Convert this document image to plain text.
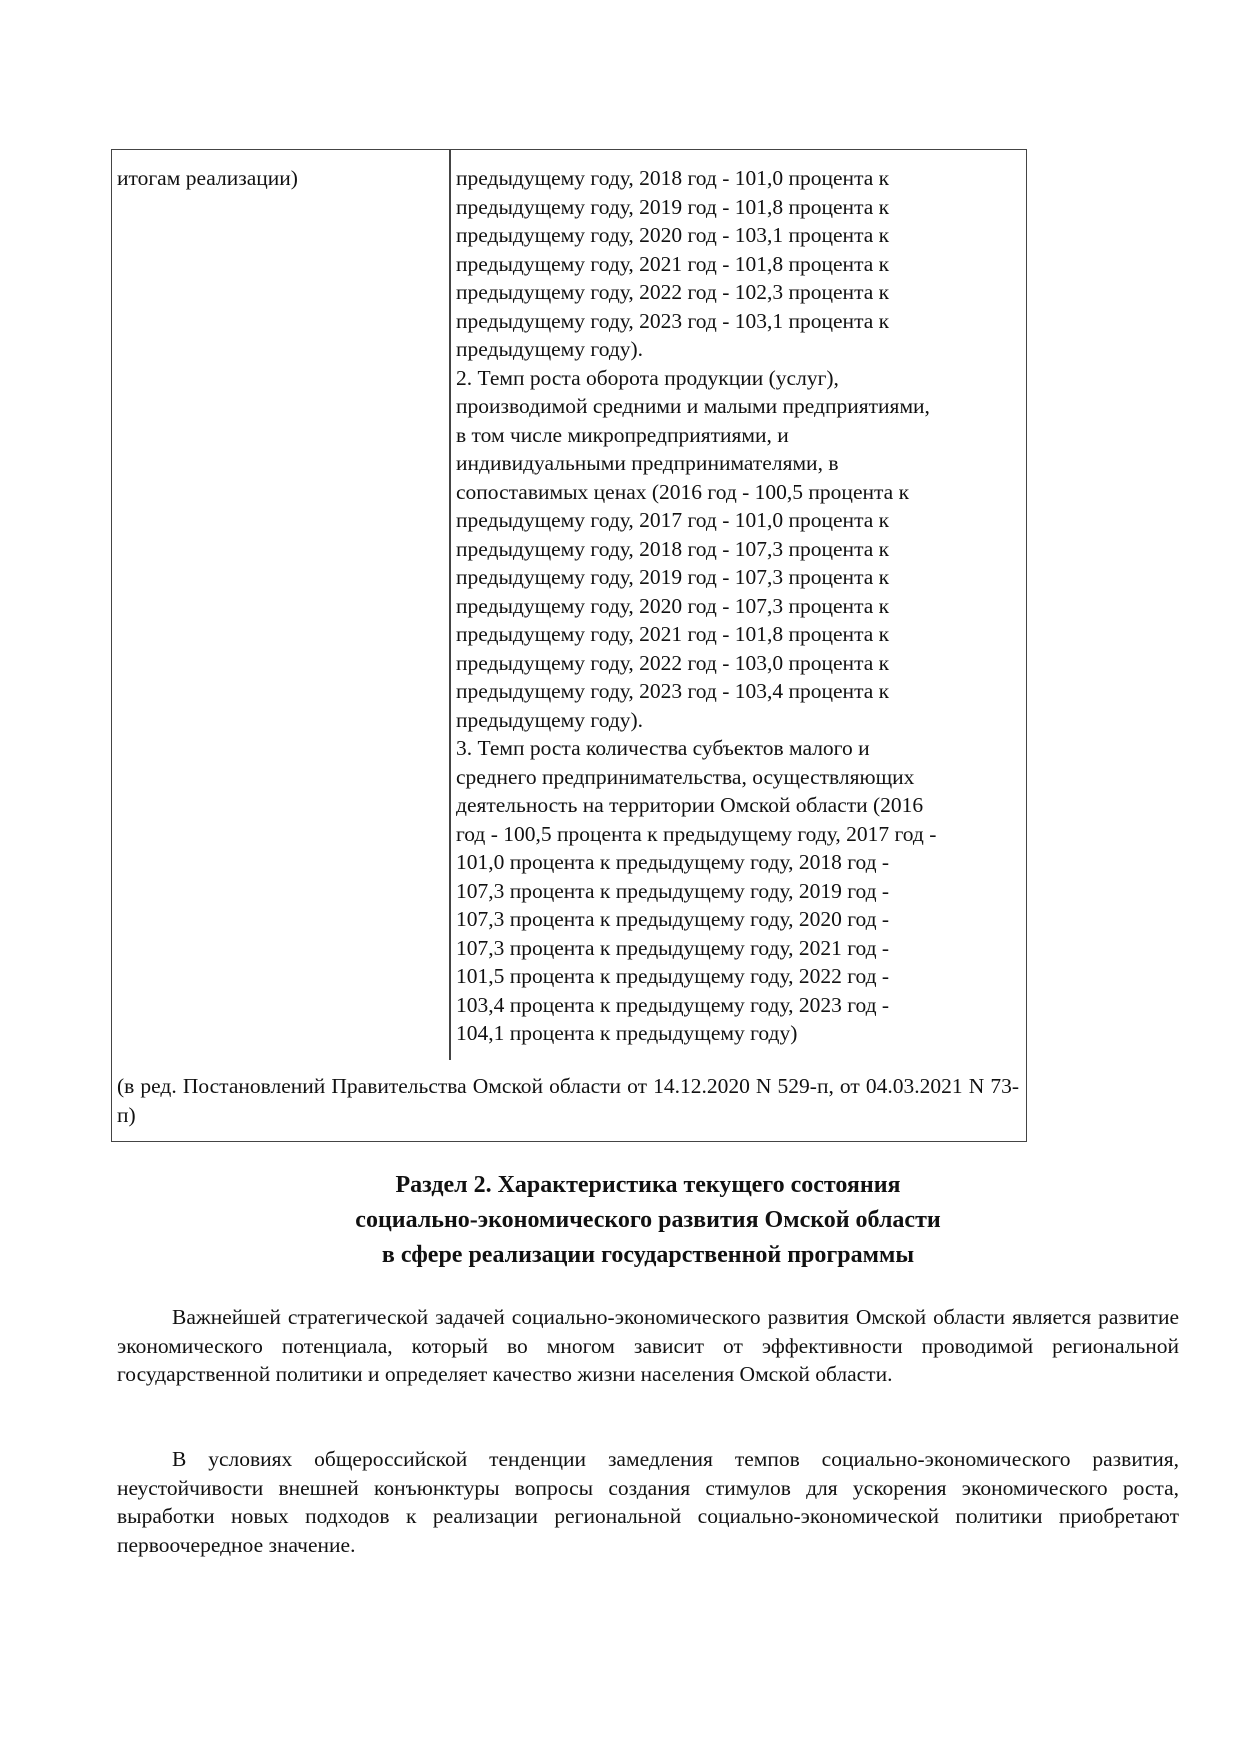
итогам реализации)	предыдущему году, 2018 год - 101,0 процента к
предыдущему году, 2019 год - 101,8 процента к
предыдущему году, 2020 год - 103,1 процента к
предыдущему году, 2021 год - 101,8 процента к
предыдущему году, 2022 год - 102,3 процента к
предыдущему году, 2023 год - 103,1 процента к
предыдущему году).
2. Темп роста оборота продукции (услуг),
производимой средними и малыми предприятиями,
в том числе микропредприятиями, и
индивидуальными предпринимателями, в
сопоставимых ценах (2016 год - 100,5 процента к
предыдущему году, 2017 год - 101,0 процента к
предыдущему году, 2018 год - 107,3 процента к
предыдущему году, 2019 год - 107,3 процента к
предыдущему году, 2020 год - 107,3 процента к
предыдущему году, 2021 год - 101,8 процента к
предыдущему году, 2022 год - 103,0 процента к
предыдущему году, 2023 год - 103,4 процента к
предыдущему году).
3. Темп роста количества субъектов малого и
среднего предпринимательства, осуществляющих
деятельность на территории Омской области (2016
год - 100,5 процента к предыдущему году, 2017 год -
101,0 процента к предыдущему году, 2018 год -
107,3 процента к предыдущему году, 2019 год -
107,3 процента к предыдущему году, 2020 год -
107,3 процента к предыдущему году, 2021 год -
101,5 процента к предыдущему году, 2022 год -
103,4 процента к предыдущему году, 2023 год -
104,1 процента к предыдущему году)
(в ред. Постановлений Правительства Омской области от 14.12.2020 N 529-п, от 04.03.2021 N 73-п)
Раздел 2. Характеристика текущего состояния
социально-экономического развития Омской области
в сфере реализации государственной программы
Важнейшей стратегической задачей социально-экономического развития Омской области является развитие экономического потенциала, который во многом зависит от эффективности проводимой региональной государственной политики и определяет качество жизни населения Омской области.
В условиях общероссийской тенденции замедления темпов социально-экономического развития, неустойчивости внешней конъюнктуры вопросы создания стимулов для ускорения экономического роста, выработки новых подходов к реализации региональной социально-экономической политики приобретают первоочередное значение.
